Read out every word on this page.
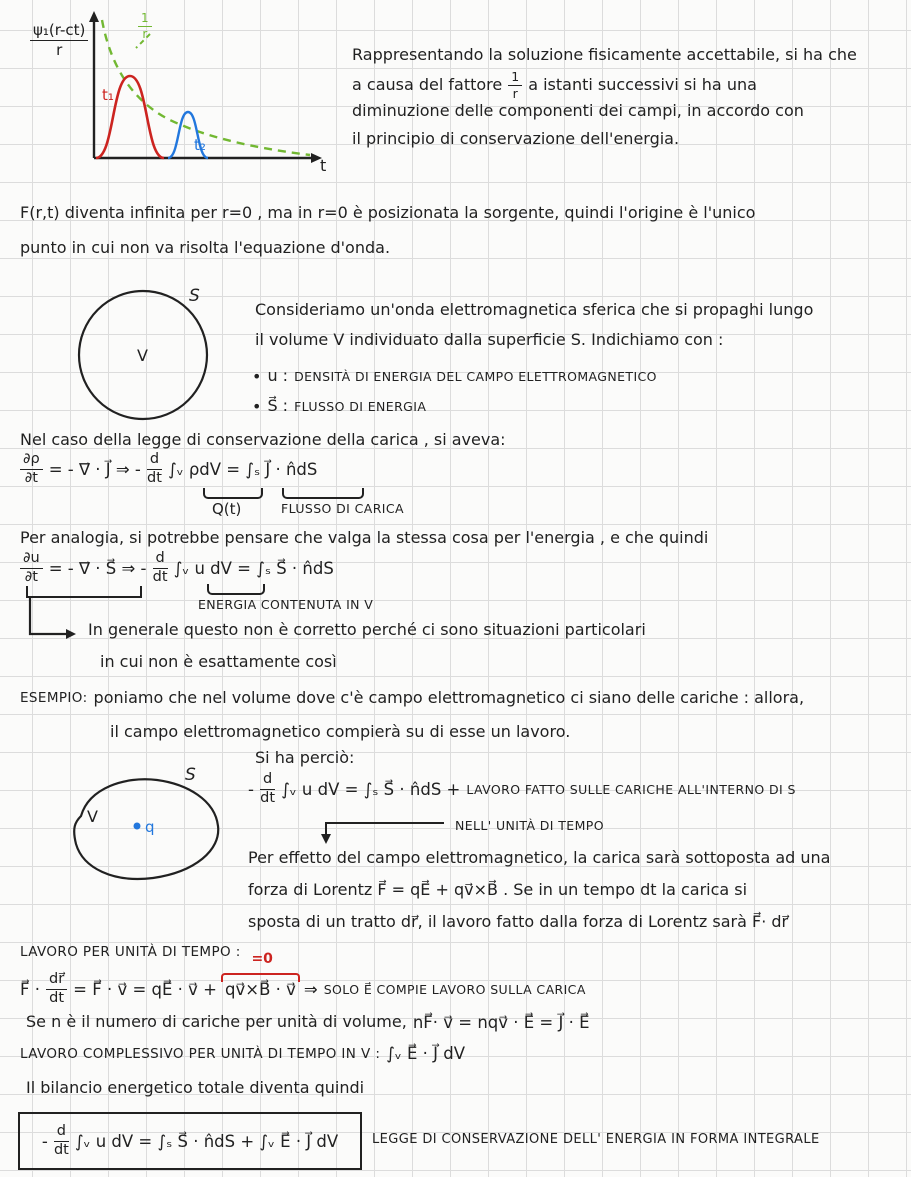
t₁
t₂
t
$\frac{\text{ψ₁(r-ct)}}{r}$	$\frac{1}{r}$
Rappresentando la soluzione fisicamente accettabile, si ha che
a causa del fattore $\frac{1}{r}$ a istanti successivi si ha una
diminuzione delle componenti dei campi, in accordo con
il principio di conservazione dell'energia.
F(r,t) diventa infinita per r=0 , ma in r=0 è posizionata la sorgente, quindi l'origine è l'unico
punto in cui non va risolta l'equazione d'onda.
V
S
Consideriamo un'onda elettromagnetica sferica che si propaghi lungo
il volume V individuato dalla superficie S. Indichiamo con :
• u : DENSITÀ DI ENERGIA DEL CAMPO ELETTROMAGNETICO
• S⃗ : FLUSSO DI ENERGIA
Nel caso della legge di conservazione della carica , si aveva:
$\frac{\partial\rho}{\partial t}$ = - ∇⃗ · J⃗ ⇒ - $\frac{d}{dt}$ ∫ᵥ ρdV = ∫ₛ J⃗ · n̂dS
Q(t)	FLUSSO DI CARICA
Per analogia, si potrebbe pensare che valga la stessa cosa per l'energia , e che quindi
$\frac{\partial u}{\partial t}$ = - ∇⃗ · S⃗ ⇒ - $\frac{d}{dt}$ ∫ᵥ u dV = ∫ₛ S⃗ · n̂dS
ENERGIA CONTENUTA IN V
In generale questo non è corretto perché ci sono situazioni particolari
in cui non è esattamente così
ESEMPIO: poniamo che nel volume dove c'è campo elettromagnetico ci siano delle cariche : allora,
il campo elettromagnetico compierà su di esse un lavoro.
V
S
q
Si ha perciò:
- $\frac{d}{dt}$ ∫ᵥ u dV = ∫ₛ S⃗ · n̂dS + LAVORO FATTO SULLE CARICHE ALL'INTERNO DI S
NELL' UNITÀ DI TEMPO
Per effetto del campo elettromagnetico, la carica sarà sottoposta ad una
forza di Lorentz F⃗ = qE⃗ + qv⃗×B⃗ . Se in un tempo dt la carica si
sposta di un tratto dr⃗, il lavoro fatto dalla forza di Lorentz sarà F⃗· dr⃗
LAVORO PER UNITÀ DI TEMPO :
F⃗ · $\frac{dr⃗}{dt}$ = F⃗ · v⃗ = qE⃗ · v⃗ +
=0
qv⃗×B⃗ · v⃗ ⇒ SOLO E⃗ COMPIE LAVORO SULLA CARICA
Se n è il numero di cariche per unità di volume, nF⃗· v⃗ = nqv⃗ · E⃗ = J⃗ · E⃗
LAVORO COMPLESSIVO PER UNITÀ DI TEMPO IN V : ∫ᵥ E⃗ · J⃗ dV
Il bilancio energetico totale diventa quindi
- $\frac{d}{dt}$ ∫ᵥ u dV = ∫ₛ S⃗ · n̂dS + ∫ᵥ E⃗ · J⃗ dV	LEGGE DI CONSERVAZIONE DELL' ENERGIA IN FORMA INTEGRALE
